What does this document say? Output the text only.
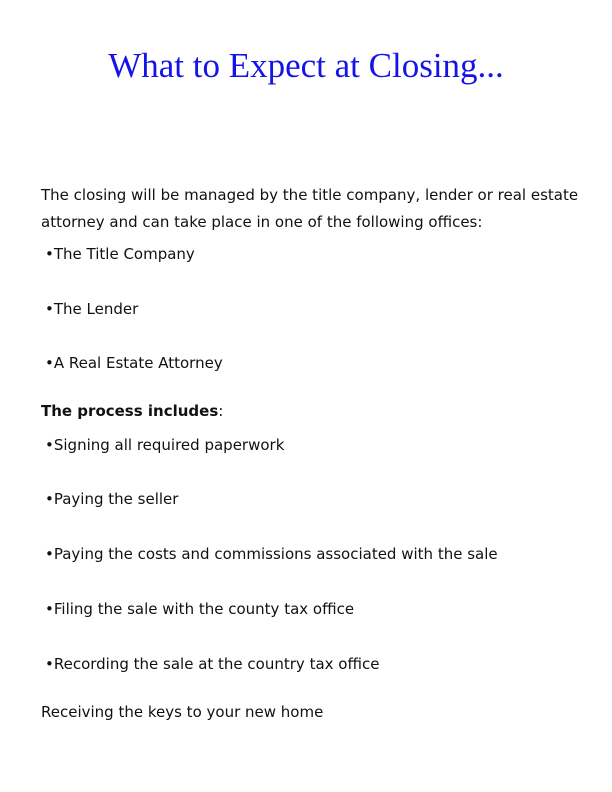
What to Expect at Closing...
The closing will be managed by the title company, lender or real estate
attorney and can take place in one of the following offices:
•The Title Company
•The Lender
•A Real Estate Attorney
The process includes:
•Signing all required paperwork
•Paying the seller
•Paying the costs and commissions associated with the sale
•Filing the sale with the county tax office
•Recording the sale at the country tax office
Receiving the keys to your new home
